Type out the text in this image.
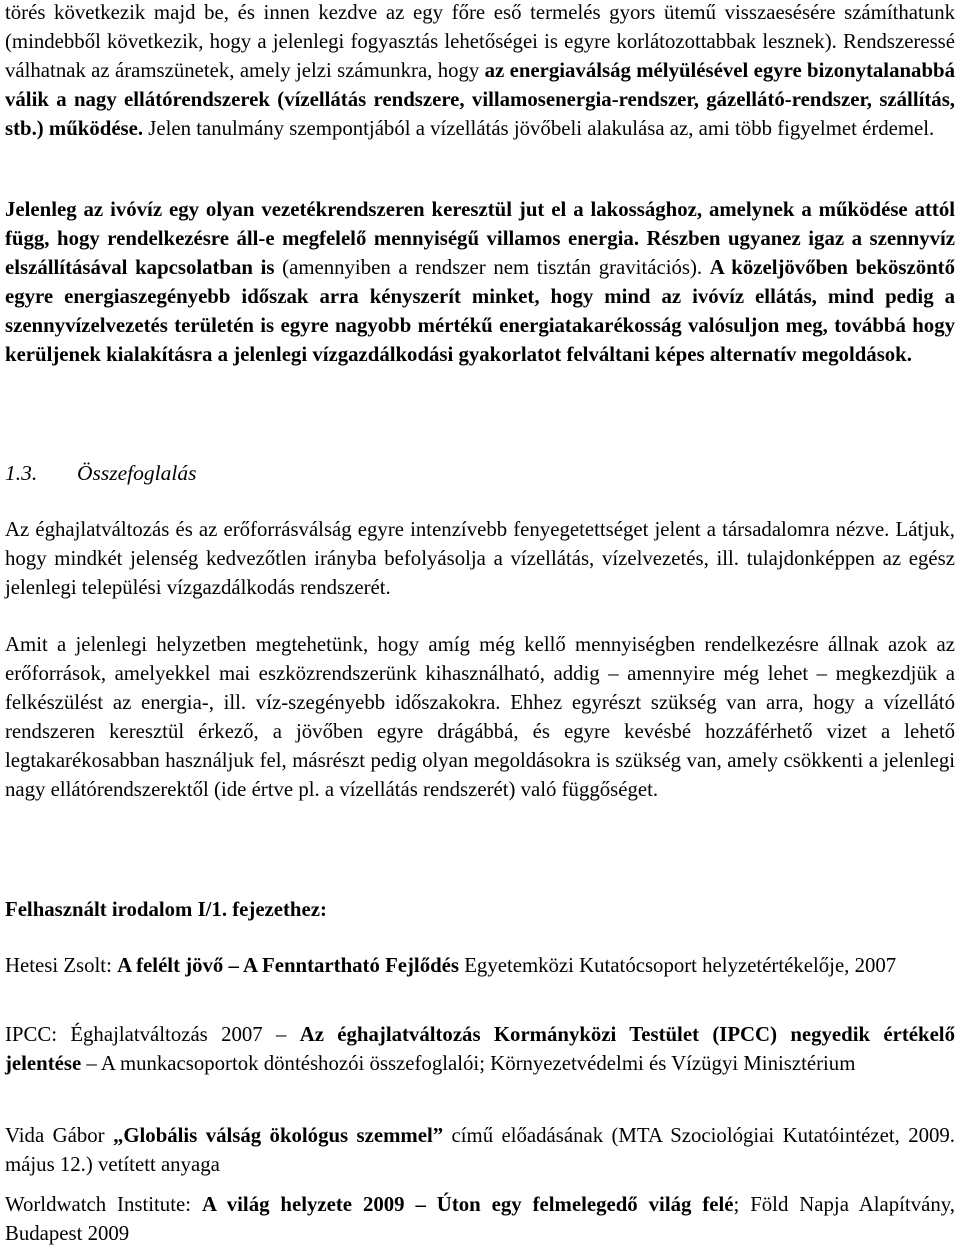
törés következik majd be, és innen kezdve az egy főre eső termelés gyors ütemű visszaesésére számíthatunk (mindebből következik, hogy a jelenlegi fogyasztás lehetőségei is egyre korlátozottabbak lesznek). Rendszeressé válhatnak az áramszünetek, amely jelzi számunkra, hogy az energiaválság mélyülésével egyre bizonytalanabbá válik a nagy ellátórendszerek (vízellátás rendszere, villamosenergia-rendszer, gázellátó-rendszer, szállítás, stb.) működése. Jelen tanulmány szempontjából a vízellátás jövőbeli alakulása az, ami több figyelmet érdemel.

Jelenleg az ivóvíz egy olyan vezetékrendszeren keresztül jut el a lakossághoz, amelynek a működése attól függ, hogy rendelkezésre áll-e megfelelő mennyiségű villamos energia. Részben ugyanez igaz a szennyvíz elszállításával kapcsolatban is (amennyiben a rendszer nem tisztán gravitációs). A közeljövőben beköszöntő egyre energiaszegényebb időszak arra kényszerít minket, hogy mind az ivóvíz ellátás, mind pedig a szennyvízelvezetés területén is egyre nagyobb mértékű energiatakarékosság valósuljon meg, továbbá hogy kerüljenek kialakításra a jelenlegi vízgazdálkodási gyakorlatot felváltani képes alternatív megoldások.

1.3. Összefoglalás

Az éghajlatváltozás és az erőforrásválság egyre intenzívebb fenyegetettséget jelent a társadalomra nézve. Látjuk, hogy mindkét jelenség kedvezőtlen irányba befolyásolja a vízellátás, vízelvezetés, ill. tulajdonképpen az egész jelenlegi települési vízgazdálkodás rendszerét.

Amit a jelenlegi helyzetben megtehetünk, hogy amíg még kellő mennyiségben rendelkezésre állnak azok az erőforrások, amelyekkel mai eszközrendszerünk kihasználható, addig – amennyire még lehet – megkezdjük a felkészülést az energia-, ill. víz-szegényebb időszakokra. Ehhez egyrészt szükség van arra, hogy a vízellátó rendszeren keresztül érkező, a jövőben egyre drágábbá, és egyre kevésbé hozzáférhető vizet a lehető legtakarékosabban használjuk fel, másrészt pedig olyan megoldásokra is szükség van, amely csökkenti a jelenlegi nagy ellátórendszerektől (ide értve pl. a vízellátás rendszerét) való függőséget.

Felhasznált irodalom I/1. fejezethez:

Hetesi Zsolt: A felélt jövő – A Fenntartható Fejlődés Egyetemközi Kutatócsoport helyzetértékelője, 2007

IPCC: Éghajlatváltozás 2007 – Az éghajlatváltozás Kormányközi Testület (IPCC) negyedik értékelő jelentése – A munkacsoportok döntéshozói összefoglalói; Környezetvédelmi és Vízügyi Minisztérium

Vida Gábor „Globális válság ökológus szemmel” című előadásának (MTA Szociológiai Kutatóintézet, 2009. május 12.) vetített anyaga

Worldwatch Institute: A világ helyzete 2009 – Úton egy felmelegedő világ felé; Föld Napja Alapítvány, Budapest 2009
